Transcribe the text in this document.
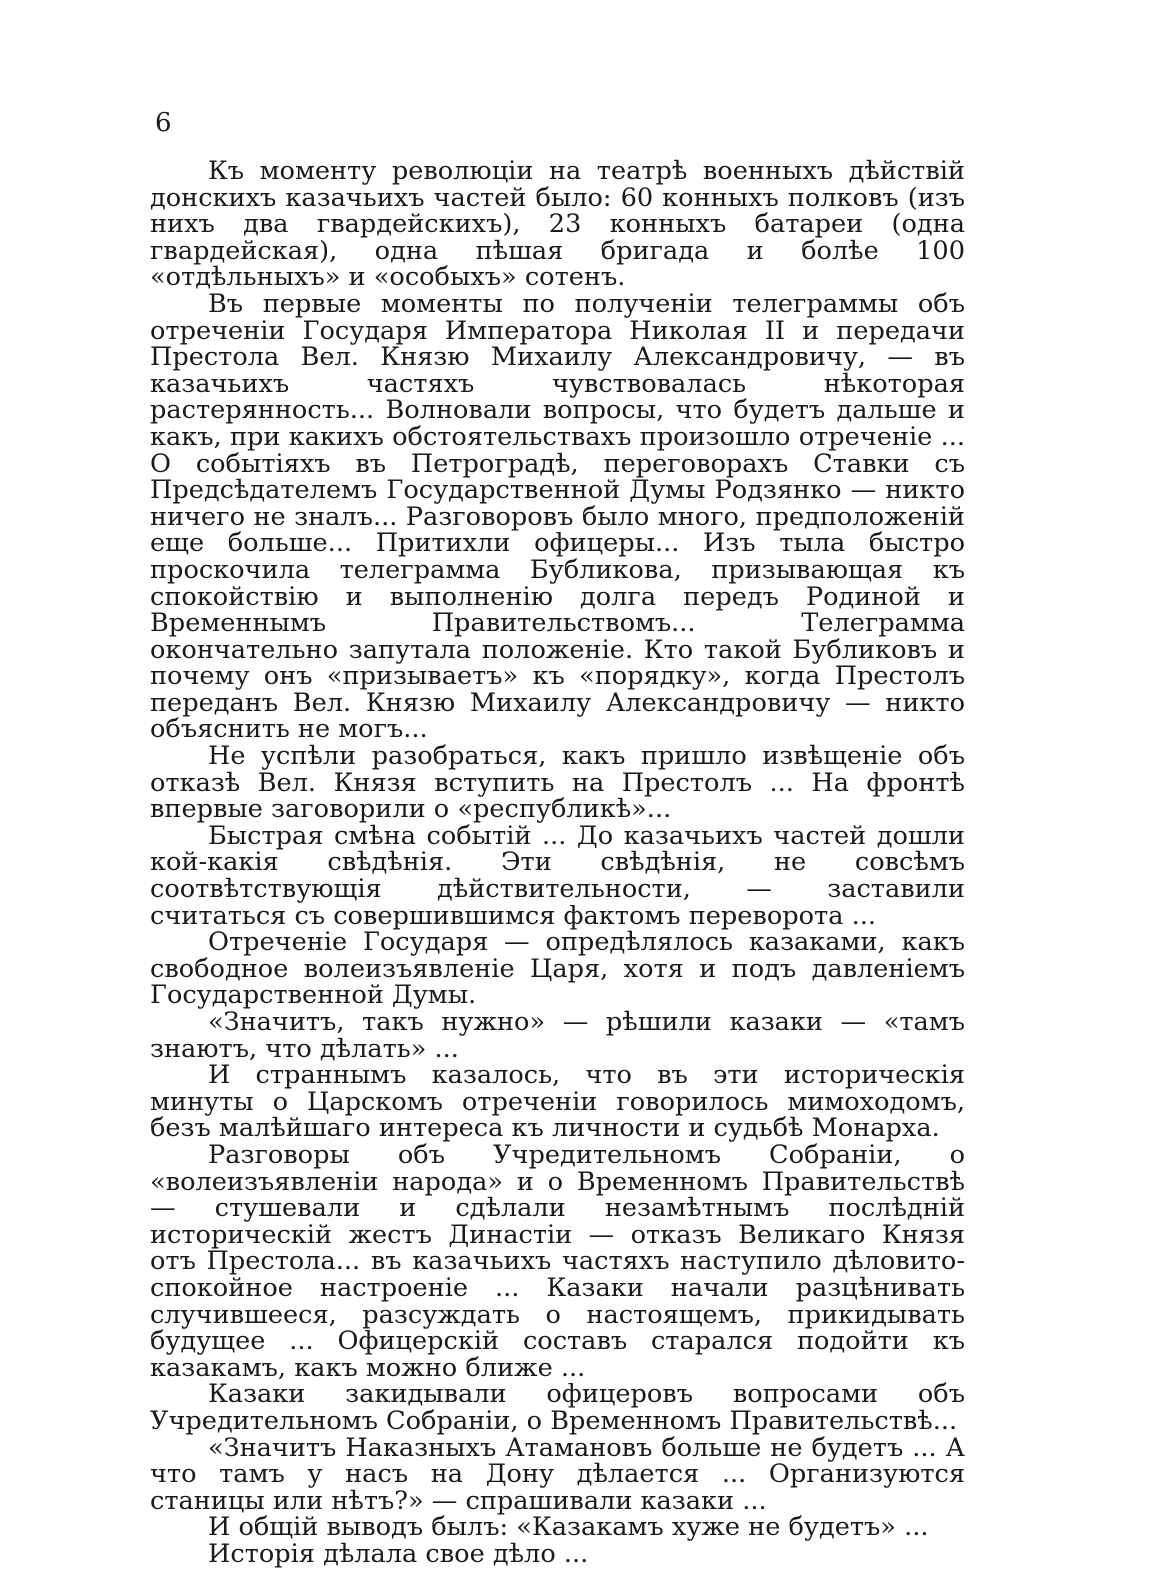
6

Къ моменту революціи на театрѣ военныхъ дѣйствій донскихъ казачьихъ частей было: 60 конныхъ полковъ (изъ нихъ два гвардейскихъ), 23 конныхъ батареи (одна гвардейская), одна пѣшая бригада и болѣе 100 «отдѣльныхъ» и «особыхъ» сотенъ.

Въ первые моменты по полученіи телеграммы объ отреченіи Государя Императора Николая II и передачи Престола Вел. Князю Михаилу Александровичу, — въ казачьихъ частяхъ чувствовалась нѣкоторая растерянность... Волновали вопросы, что будетъ дальше и какъ, при какихъ обстоятельствахъ произошло отреченіе ... О событіяхъ въ Петроградѣ, переговорахъ Ставки съ Предсѣдателемъ Государственной Думы Родзянко — никто ничего не зналъ... Разговоровъ было много, предположеній еще больше... Притихли офицеры... Изъ тыла быстро проскочила телеграмма Бубликова, призывающая къ спокойствію и выполненію долга передъ Родиной и Временнымъ Правительствомъ... Телеграмма окончательно запутала положеніе. Кто такой Бубликовъ и почему онъ «призываетъ» къ «порядку», когда Престолъ переданъ Вел. Князю Михаилу Александровичу — никто объяснить не могъ...

Не успѣли разобраться, какъ пришло извѣщеніе объ отказѣ Вел. Князя вступить на Престолъ ... На фронтѣ впервые заговорили о «республикѣ»...

Быстрая смѣна событій ... До казачьихъ частей дошли кой-какія свѣдѣнія. Эти свѣдѣнія, не совсѣмъ соотвѣтствующія дѣйствительности, — заставили считаться съ совершившимся фактомъ переворота ...

Отреченіе Государя — опредѣлялось казаками, какъ свободное волеизъявленіе Царя, хотя и подъ давленіемъ Государственной Думы.

«Значитъ, такъ нужно» — рѣшили казаки — «тамъ знаютъ, что дѣлать» ...

И страннымъ казалось, что въ эти историческія минуты о Царскомъ отреченіи говорилось мимоходомъ, безъ малѣйшаго интереса къ личности и судьбѣ Монарха.

Разговоры объ Учредительномъ Собраніи, о «волеизъявленіи народа» и о Временномъ Правительствѣ — стушевали и сдѣлали незамѣтнымъ послѣдній историческій жестъ Династіи — отказъ Великаго Князя отъ Престола... въ казачьихъ частяхъ наступило дѣловито-спокойное настроеніе ... Казаки начали разцѣнивать случившееся, разсуждать о настоящемъ, прикидывать будущее ... Офицерскій составъ старался подойти къ казакамъ, какъ можно ближе ...

Казаки закидывали офицеровъ вопросами объ Учредительномъ Собраніи, о Временномъ Правительствѣ...

«Значитъ Наказныхъ Атамановъ больше не будетъ ... А что тамъ у насъ на Дону дѣлается ... Организуются станицы или нѣтъ?» — спрашивали казаки ...

И общій выводъ былъ: «Казакамъ хуже не будетъ» ...

Исторія дѣлала свое дѣло ...
